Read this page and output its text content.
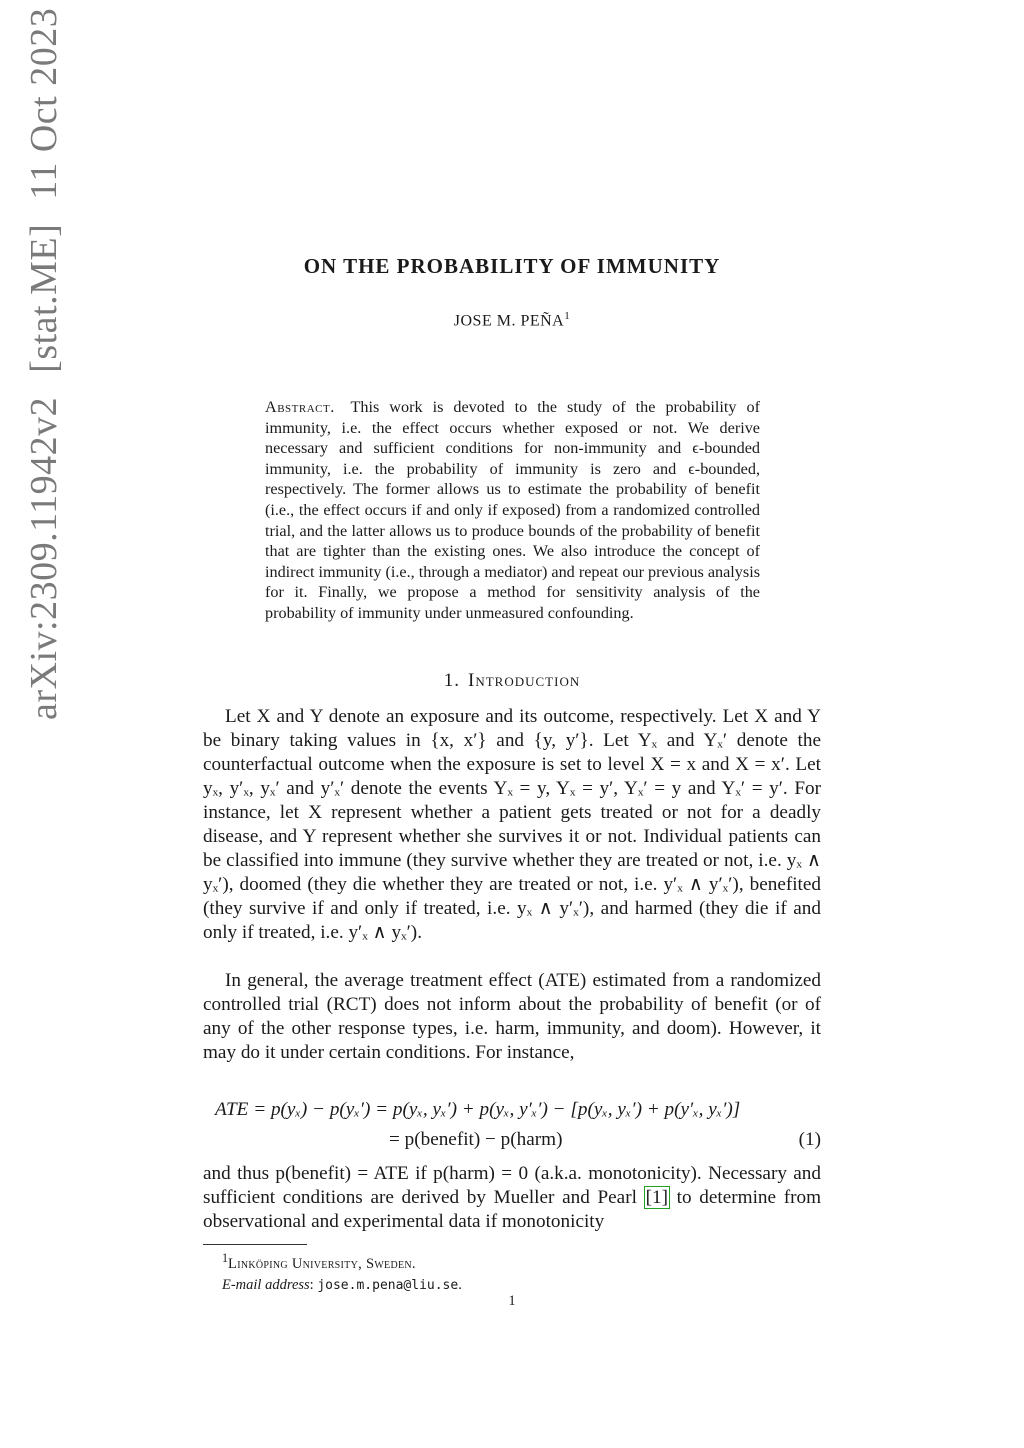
arXiv:2309.11942v2 [stat.ME] 11 Oct 2023
ON THE PROBABILITY OF IMMUNITY
JOSE M. PEÑA$^1$
Abstract. This work is devoted to the study of the probability of immunity, i.e. the effect occurs whether exposed or not. We derive necessary and sufficient conditions for non-immunity and ϵ-bounded immunity, i.e. the probability of immunity is zero and ϵ-bounded, respectively. The former allows us to estimate the probability of benefit (i.e., the effect occurs if and only if exposed) from a randomized controlled trial, and the latter allows us to produce bounds of the probability of benefit that are tighter than the existing ones. We also introduce the concept of indirect immunity (i.e., through a mediator) and repeat our previous analysis for it. Finally, we propose a method for sensitivity analysis of the probability of immunity under unmeasured confounding.
1. Introduction
Let X and Y denote an exposure and its outcome, respectively. Let X and Y be binary taking values in {x, x′} and {y, y′}. Let Yₓ and Yₓ′ denote the counterfactual outcome when the exposure is set to level X = x and X = x′. Let yₓ, y′ₓ, yₓ′ and y′ₓ′ denote the events Yₓ = y, Yₓ = y′, Yₓ′ = y and Yₓ′ = y′. For instance, let X represent whether a patient gets treated or not for a deadly disease, and Y represent whether she survives it or not. Individual patients can be classified into immune (they survive whether they are treated or not, i.e. yₓ ∧ yₓ′), doomed (they die whether they are treated or not, i.e. y′ₓ ∧ y′ₓ′), benefited (they survive if and only if treated, i.e. yₓ ∧ y′ₓ′), and harmed (they die if and only if treated, i.e. y′ₓ ∧ yₓ′).
In general, the average treatment effect (ATE) estimated from a randomized controlled trial (RCT) does not inform about the probability of benefit (or of any of the other response types, i.e. harm, immunity, and doom). However, it may do it under certain conditions. For instance,
ATE = p(yₓ) − p(yₓ′) = p(yₓ, yₓ′) + p(yₓ, y′ₓ′) − [p(yₓ, yₓ′) + p(y′ₓ, yₓ′)]
= p(benefit) − p(harm)	(1)
and thus p(benefit) = ATE if p(harm) = 0 (a.k.a. monotonicity). Necessary and sufficient conditions are derived by Mueller and Pearl [1] to determine from observational and experimental data if monotonicity
$^1$Linköping University, Sweden.
E-mail address: jose.m.pena@liu.se.
1
